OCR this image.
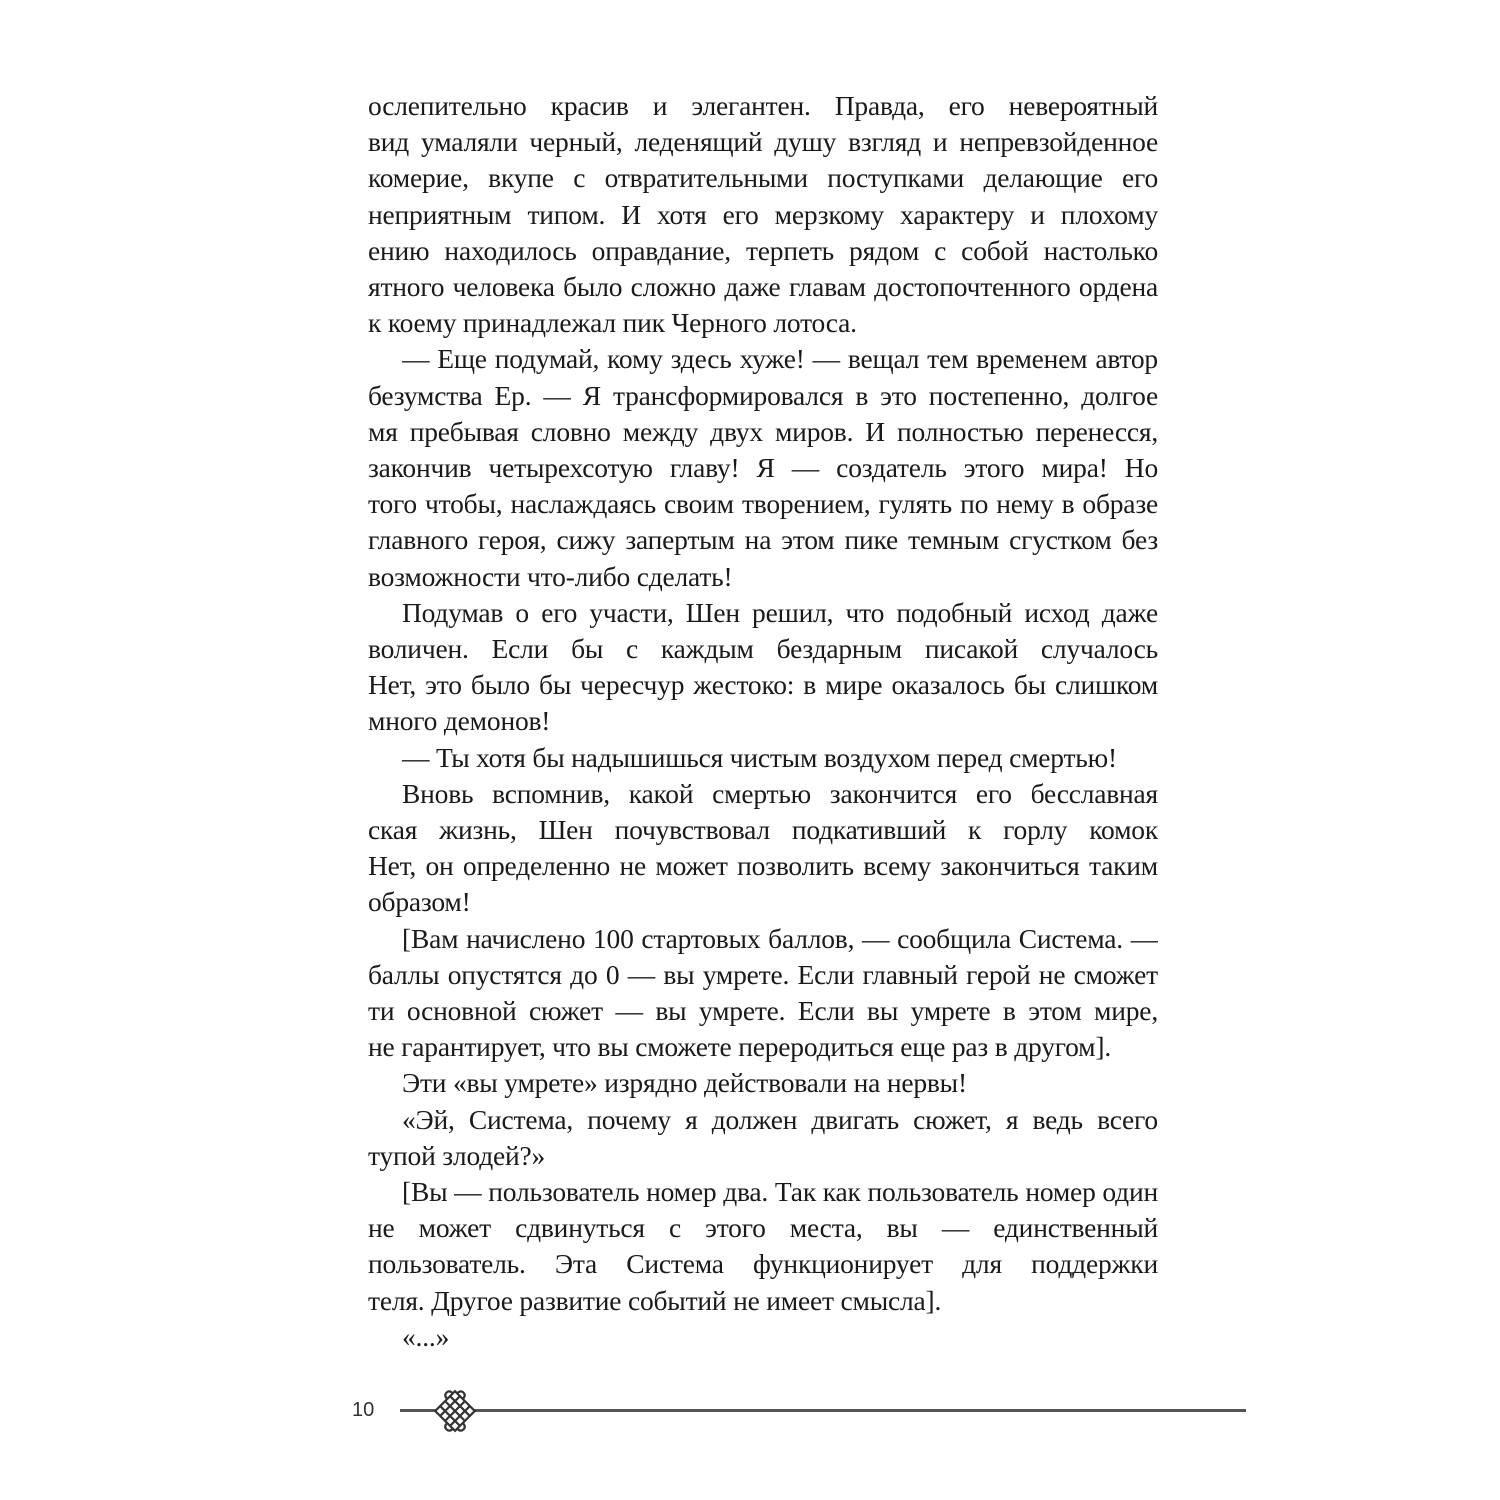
ослепительно красив и элегантен. Правда, его невероятный
вид умаляли черный, леденящий душу взгляд и непревзойденное
комерие, вкупе с отвратительными поступками делающие его
неприятным типом. И хотя его мерзкому характеру и плохому
ению находилось оправдание, терпеть рядом с собой настолько
ятного человека было сложно даже главам достопочтенного ордена
к коему принадлежал пик Черного лотоса.
— Еще подумай, кому здесь хуже! — вещал тем временем автор
безумства Ер. — Я трансформировался в это постепенно, долгое
мя пребывая словно между двух миров. И полностью перенесся,
закончив четырехсотую главу! Я — создатель этого мира! Но
того чтобы, наслаждаясь своим творением, гулять по нему в образе
главного героя, сижу запертым на этом пике темным сгустком без
возможности что-либо сделать!
Подумав о его участи, Шен решил, что подобный исход даже
воличен. Если бы с каждым бездарным писакой случалось
Нет, это было бы чересчур жестоко: в мире оказалось бы слишком
много демонов!
— Ты хотя бы надышишься чистым воздухом перед смертью!
Вновь вспомнив, какой смертью закончится его бесславная
ская жизнь, Шен почувствовал подкативший к горлу комок
Нет, он определенно не может позволить всему закончиться таким
образом!
[Вам начислено 100 стартовых баллов, — сообщила Система. —
баллы опустятся до 0 — вы умрете. Если главный герой не сможет
ти основной сюжет — вы умрете. Если вы умрете в этом мире,
не гарантирует, что вы сможете переродиться еще раз в другом].
Эти «вы умрете» изрядно действовали на нервы!
«Эй, Система, почему я должен двигать сюжет, я ведь всего
тупой злодей?»
[Вы — пользователь номер два. Так как пользователь номер один
не может сдвинуться с этого места, вы — единственный
пользователь. Эта Система функционирует для поддержки
теля. Другое развитие событий не имеет смысла].
«...»
10
